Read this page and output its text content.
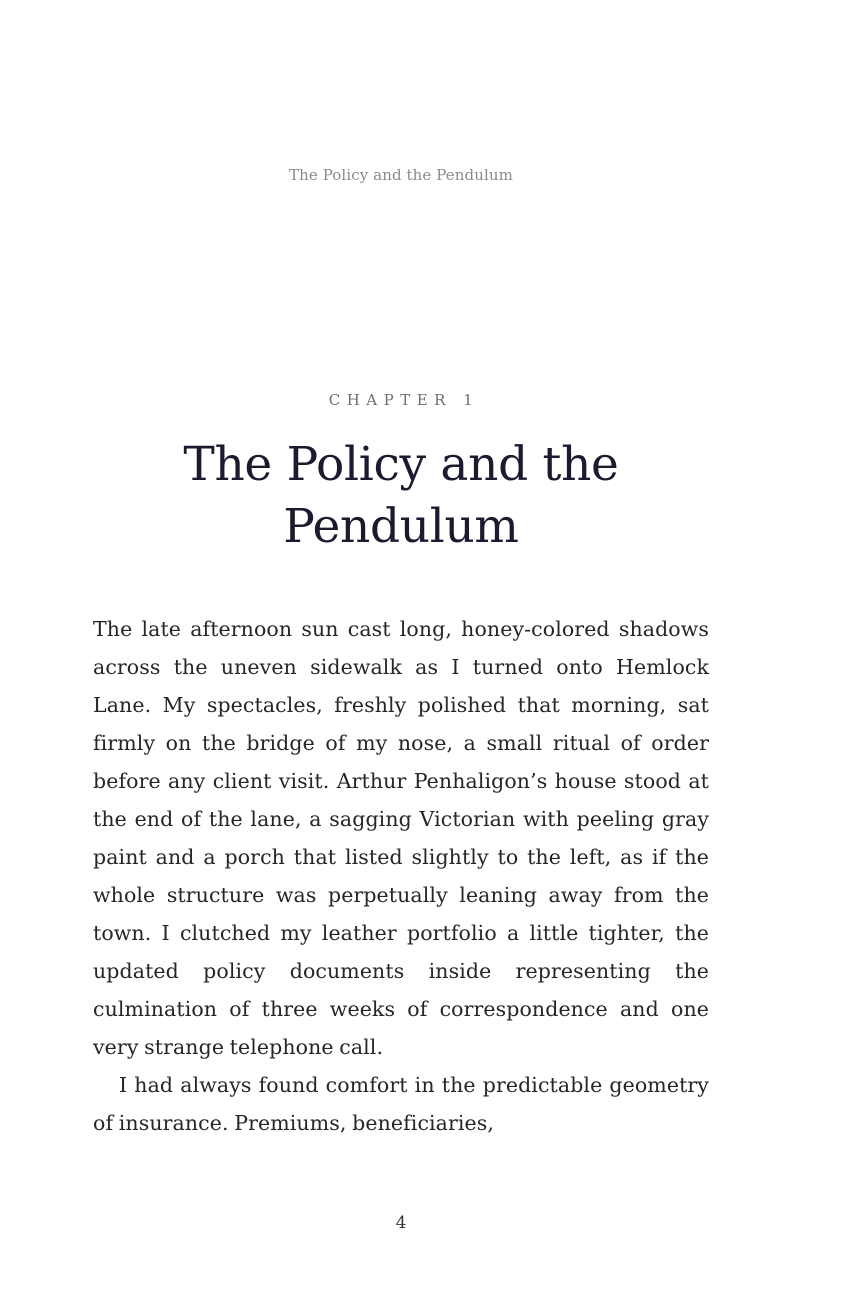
The Policy and the Pendulum
CHAPTER 1
The Policy and the Pendulum

The late afternoon sun cast long, honey-colored shadows across the uneven sidewalk as I turned onto Hemlock Lane. My spectacles, freshly polished that morning, sat firmly on the bridge of my nose, a small ritual of order before any client visit. Arthur Penhaligon’s house stood at the end of the lane, a sagging Victorian with peeling gray paint and a porch that listed slightly to the left, as if the whole structure was perpetually leaning away from the town. I clutched my leather portfolio a little tighter, the updated policy documents inside representing the culmination of three weeks of correspondence and one very strange telephone call.

I had always found comfort in the predictable geometry of insurance. Premiums, beneficiaries,

4
